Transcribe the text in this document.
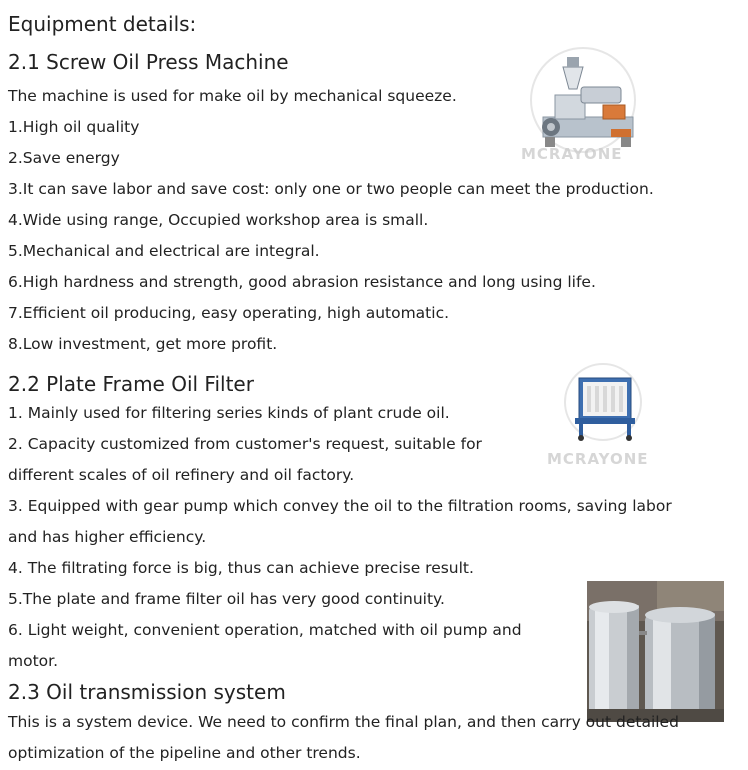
Equipment details:
2.1 Screw Oil Press Machine
The machine is used for make oil by mechanical squeeze.
1.High oil quality
2.Save energy
3.It can save labor and save cost: only one or two people can meet the production.
4.Wide using range, Occupied workshop area is small.
5.Mechanical and electrical are integral.
6.High hardness and strength, good abrasion resistance and long using life.
7.Efficient oil producing, easy operating, high automatic.
8.Low investment, get more profit.
MCRAYONE
2.2 Plate Frame Oil Filter
1. Mainly used for filtering series kinds of plant crude oil.
2. Capacity customized from customer's request, suitable for
different scales of oil refinery and oil factory.
3. Equipped with gear pump which convey the oil to the filtration rooms, saving labor
and has higher efficiency.
4. The filtrating force is big, thus can achieve precise result.
5.The plate and frame filter oil has very good continuity.
6. Light weight, convenient operation, matched with oil pump and
motor.
MCRAYONE
2.3 Oil transmission system
This is a system device. We need to confirm the final plan, and then carry out detailed
optimization of the pipeline and other trends.
